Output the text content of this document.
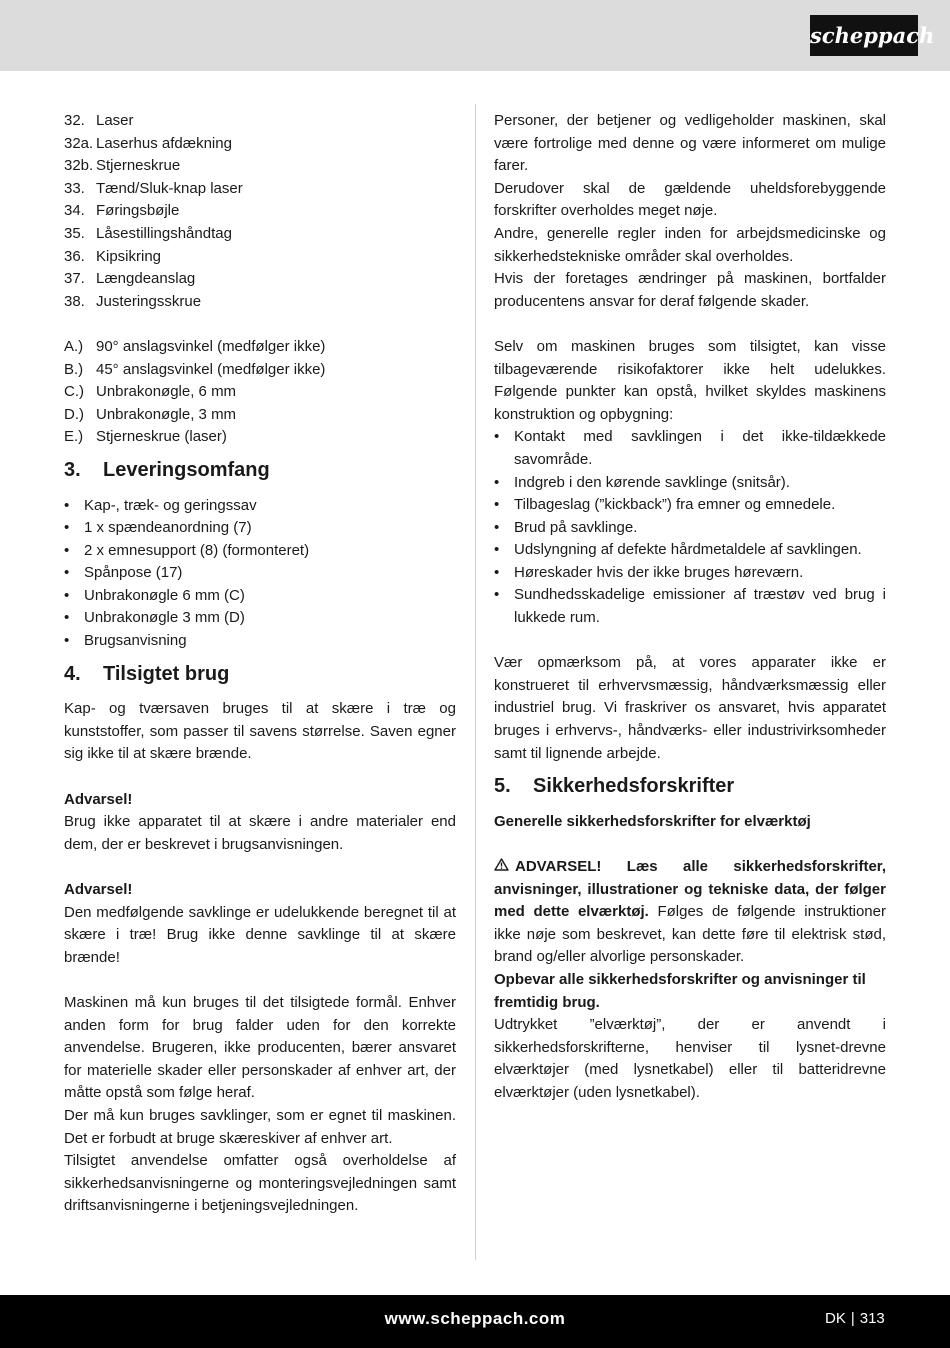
scheppach
32. Laser
32a. Laserhus afdækning
32b. Stjerneskrue
33. Tænd/Sluk-knap laser
34. Føringsbøjle
35. Låsestillingshåndtag
36. Kipsikring
37. Længdeanslag
38. Justeringsskrue
A.) 90° anslagsvinkel (medfølger ikke)
B.) 45° anslagsvinkel (medfølger ikke)
C.) Unbrakonøgle, 6 mm
D.) Unbrakonøgle, 3 mm
E.) Stjerneskrue (laser)
3.	Leveringsomfang
• Kap-, træk- og geringssav
• 1 x spændeanordning (7)
• 2 x emnesupport (8) (formonteret)
• Spånpose (17)
• Unbrakonøgle 6 mm (C)
• Unbrakonøgle 3 mm (D)
• Brugsanvisning
4.	Tilsigtet brug

Kap- og tværsaven bruges til at skære i træ og kunststoffer, som passer til savens størrelse. Saven egner sig ikke til at skære brænde.

Advarsel!

Brug ikke apparatet til at skære i andre materialer end dem, der er beskrevet i brugsanvisningen.

Advarsel!

Den medfølgende savklinge er udelukkende beregnet til at skære i træ! Brug ikke denne savklinge til at skære brænde!

Maskinen må kun bruges til det tilsigtede formål. Enhver anden form for brug falder uden for den korrekte anvendelse. Brugeren, ikke producenten, bærer ansvaret for materielle skader eller personskader af enhver art, der måtte opstå som følge heraf.

Der må kun bruges savklinger, som er egnet til maskinen. Det er forbudt at bruge skæreskiver af enhver art.

Tilsigtet anvendelse omfatter også overholdelse af sikkerhedsanvisningerne og monteringsvejledningen samt driftsanvisningerne i betjeningsvejledningen.

Personer, der betjener og vedligeholder maskinen, skal være fortrolige med denne og være informeret om mulige farer.

Derudover skal de gældende uheldsforebyggende forskrifter overholdes meget nøje.

Andre, generelle regler inden for arbejdsmedicinske og sikkerhedstekniske områder skal overholdes.

Hvis der foretages ændringer på maskinen, bortfalder producentens ansvar for deraf følgende skader.

Selv om maskinen bruges som tilsigtet, kan visse tilbageværende risikofaktorer ikke helt udelukkes. Følgende punkter kan opstå, hvilket skyldes maskinens konstruktion og opbygning:

• Kontakt med savklingen i det ikke-tildækkede savområde.
• Indgreb i den kørende savklinge (snitsår).
• Tilbageslag (”kickback”) fra emner og emnedele.
• Brud på savklinge.
• Udslyngning af defekte hårdmetaldele af savklingen.
• Høreskader hvis der ikke bruges høreværn.
• Sundhedsskadelige emissioner af træstøv ved brug i lukkede rum.

Vær opmærksom på, at vores apparater ikke er konstrueret til erhvervsmæssig, håndværksmæssig eller industriel brug. Vi fraskriver os ansvaret, hvis apparatet bruges i erhvervs-, håndværks- eller industrivirksomheder samt til lignende arbejde.

5.	Sikkerhedsforskrifter

Generelle sikkerhedsforskrifter for elværktøj

ADVARSEL! Læs alle sikkerhedsforskrifter, anvisninger, illustrationer og tekniske data, der følger med dette elværktøj. Følges de følgende instruktioner ikke nøje som beskrevet, kan dette føre til elektrisk stød, brand og/eller alvorlige personskader.

Opbevar alle sikkerhedsforskrifter og anvisninger til fremtidig brug.

Udtrykket ”elværktøj”, der er anvendt i sikkerhedsforskrifterne, henviser til lysnet-drevne elværktøjer (med lysnetkabel) eller til batteridrevne elværktøjer (uden lysnetkabel).

www.scheppach.com	DK | 313
